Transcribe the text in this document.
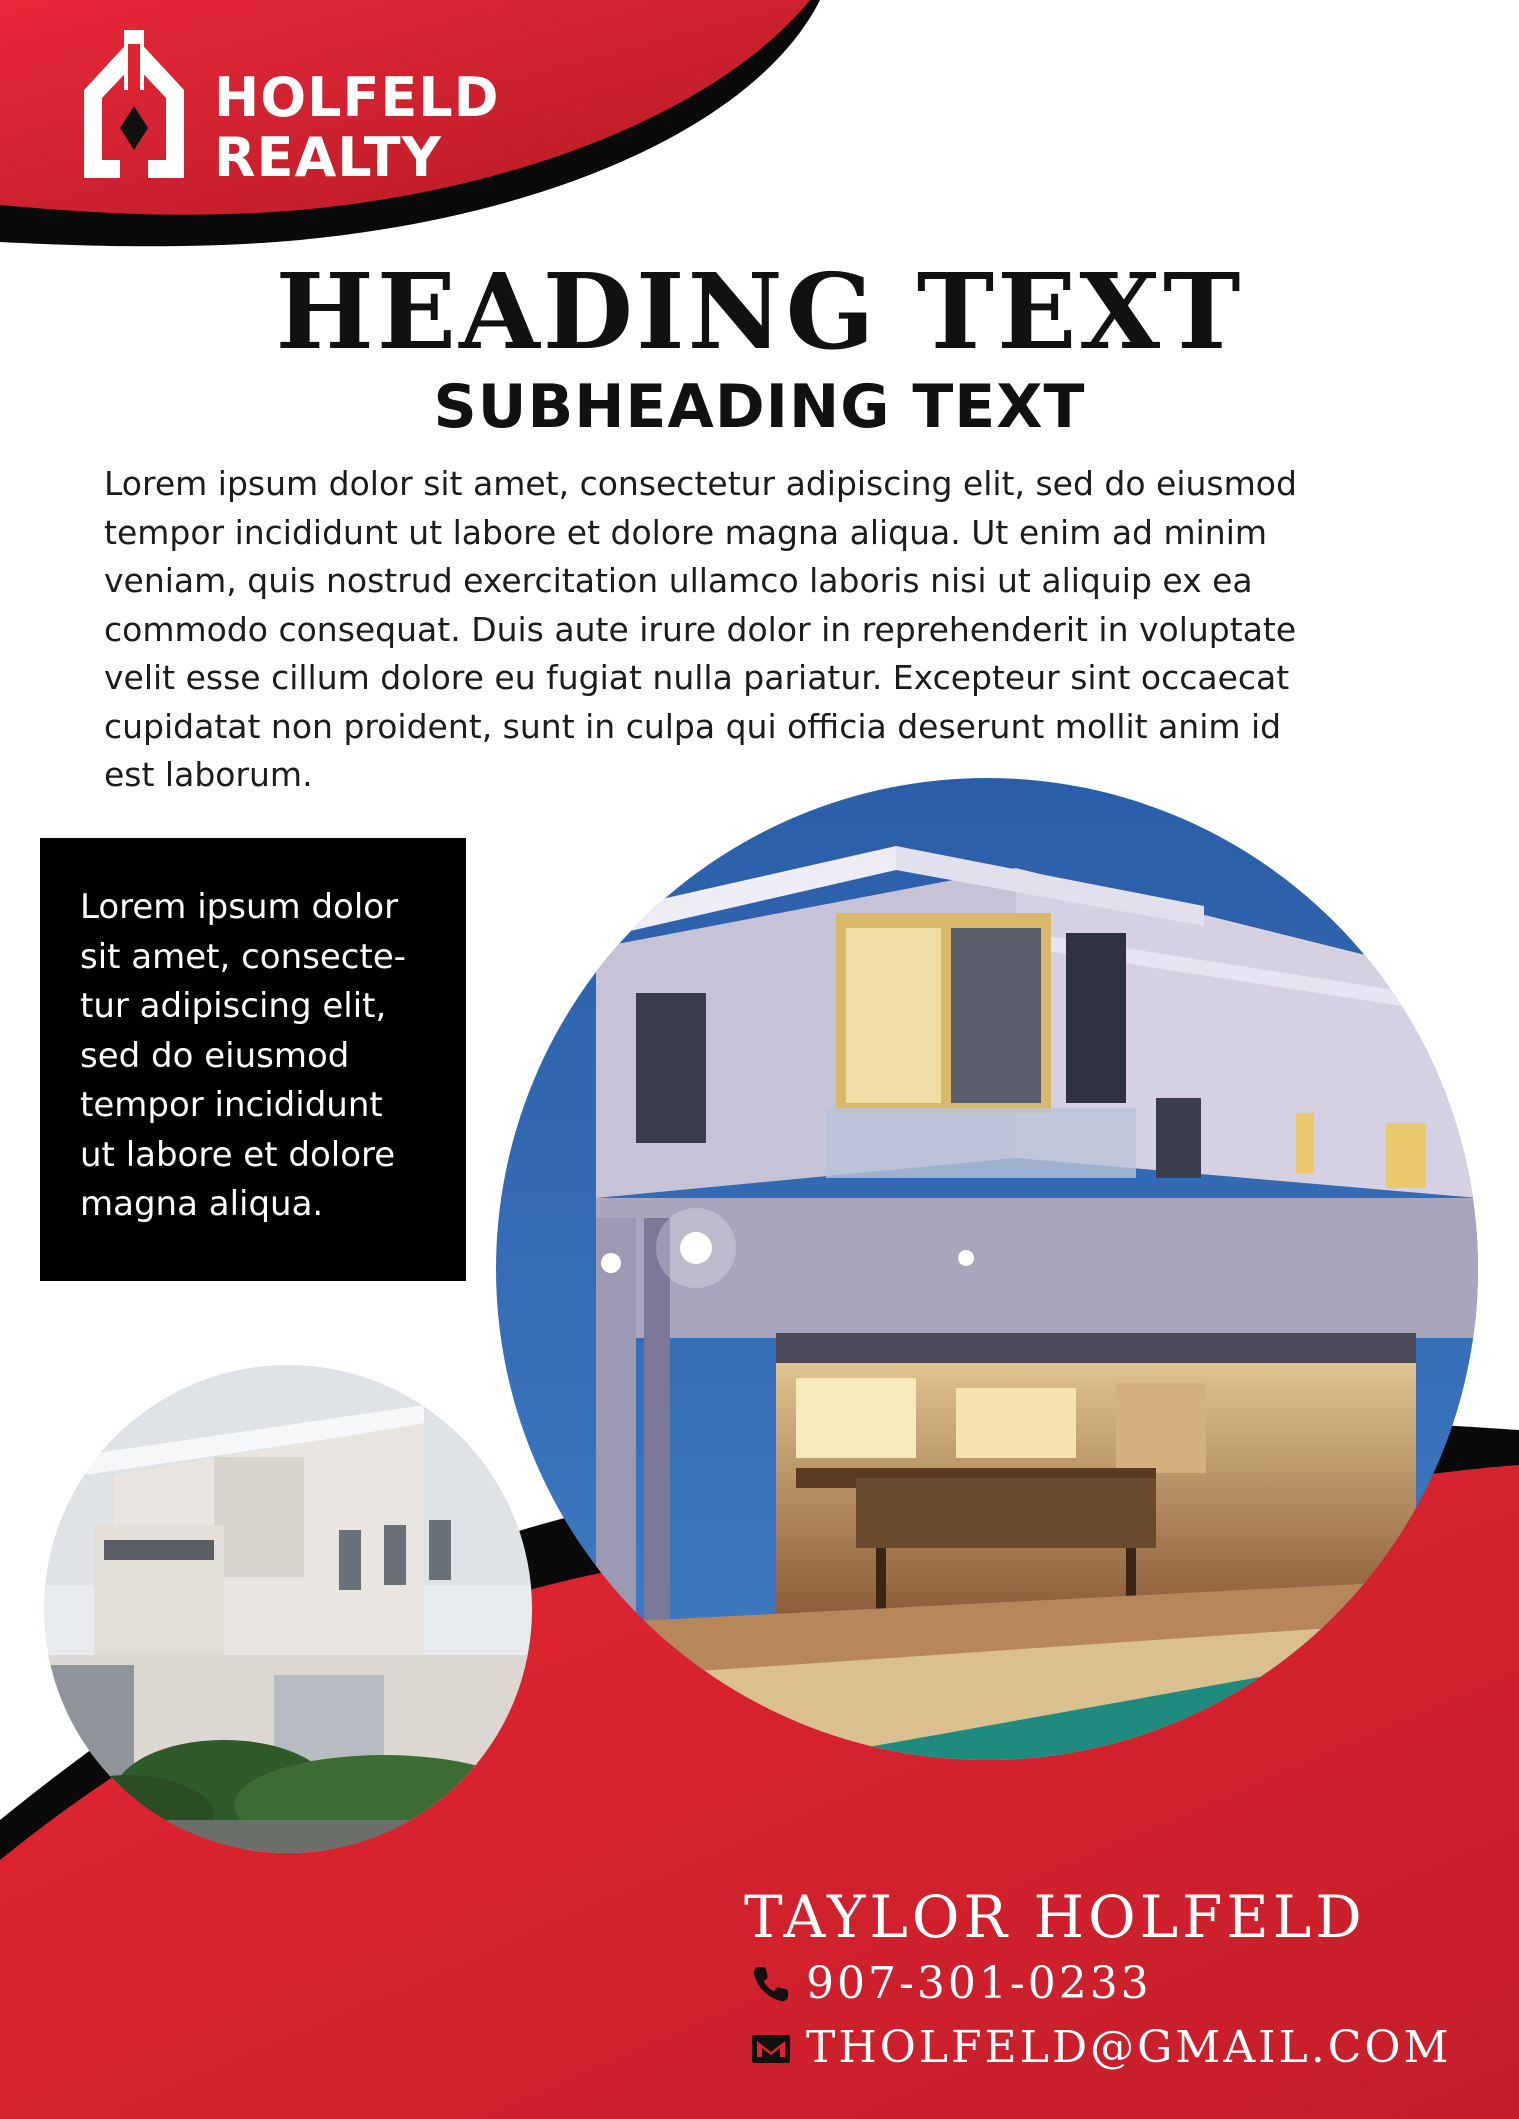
HOLFELD
REALTY
HEADING TEXT
SUBHEADING TEXT
Lorem ipsum dolor sit amet, consectetur adipiscing elit, sed do eiusmod
tempor incididunt ut labore et dolore magna aliqua. Ut enim ad minim
veniam, quis nostrud exercitation ullamco laboris nisi ut aliquip ex ea
commodo consequat. Duis aute irure dolor in reprehenderit in voluptate
velit esse cillum dolore eu fugiat nulla pariatur. Excepteur sint occaecat
cupidatat non proident, sunt in culpa qui officia deserunt mollit anim id
est laborum.
Lorem ipsum dolor
sit amet, consecte-
tur adipiscing elit,
sed do eiusmod
tempor incididunt
ut labore et dolore
magna aliqua.
TAYLOR HOLFELD
907-301-0233
THOLFELD@GMAIL.COM
